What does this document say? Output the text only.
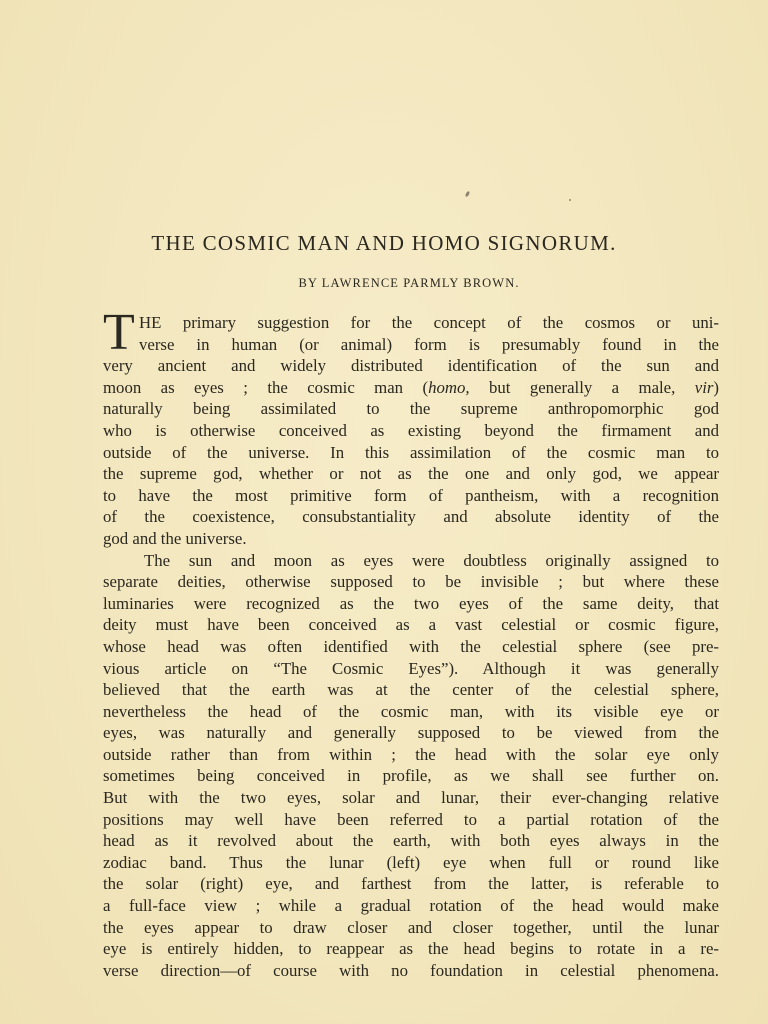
THE COSMIC MAN AND HOMO SIGNORUM.

BY LAWRENCE PARMLY BROWN.

T HE primary suggestion for the concept of the cosmos or uni-
verse in human (or animal) form is presumably found in the
very ancient and widely distributed identification of the sun and
moon as eyes ; the cosmic man (homo, but generally a male, vir)
naturally being assimilated to the supreme anthropomorphic god
who is otherwise conceived as existing beyond the firmament and
outside of the universe. In this assimilation of the cosmic man to
the supreme god, whether or not as the one and only god, we appear
to have the most primitive form of pantheism, with a recognition
of the coexistence, consubstantiality and absolute identity of the
god and the universe.
The sun and moon as eyes were doubtless originally assigned to
separate deities, otherwise supposed to be invisible ; but where these
luminaries were recognized as the two eyes of the same deity, that
deity must have been conceived as a vast celestial or cosmic figure,
whose head was often identified with the celestial sphere (see pre-
vious article on “The Cosmic Eyes”). Although it was generally
believed that the earth was at the center of the celestial sphere,
nevertheless the head of the cosmic man, with its visible eye or
eyes, was naturally and generally supposed to be viewed from the
outside rather than from within ; the head with the solar eye only
sometimes being conceived in profile, as we shall see further on.
But with the two eyes, solar and lunar, their ever-changing relative
positions may well have been referred to a partial rotation of the
head as it revolved about the earth, with both eyes always in the
zodiac band. Thus the lunar (left) eye when full or round like
the solar (right) eye, and farthest from the latter, is referable to
a full-face view ; while a gradual rotation of the head would make
the eyes appear to draw closer and closer together, until the lunar
eye is entirely hidden, to reappear as the head begins to rotate in a re-
verse direction—of course with no foundation in celestial phenomena.
